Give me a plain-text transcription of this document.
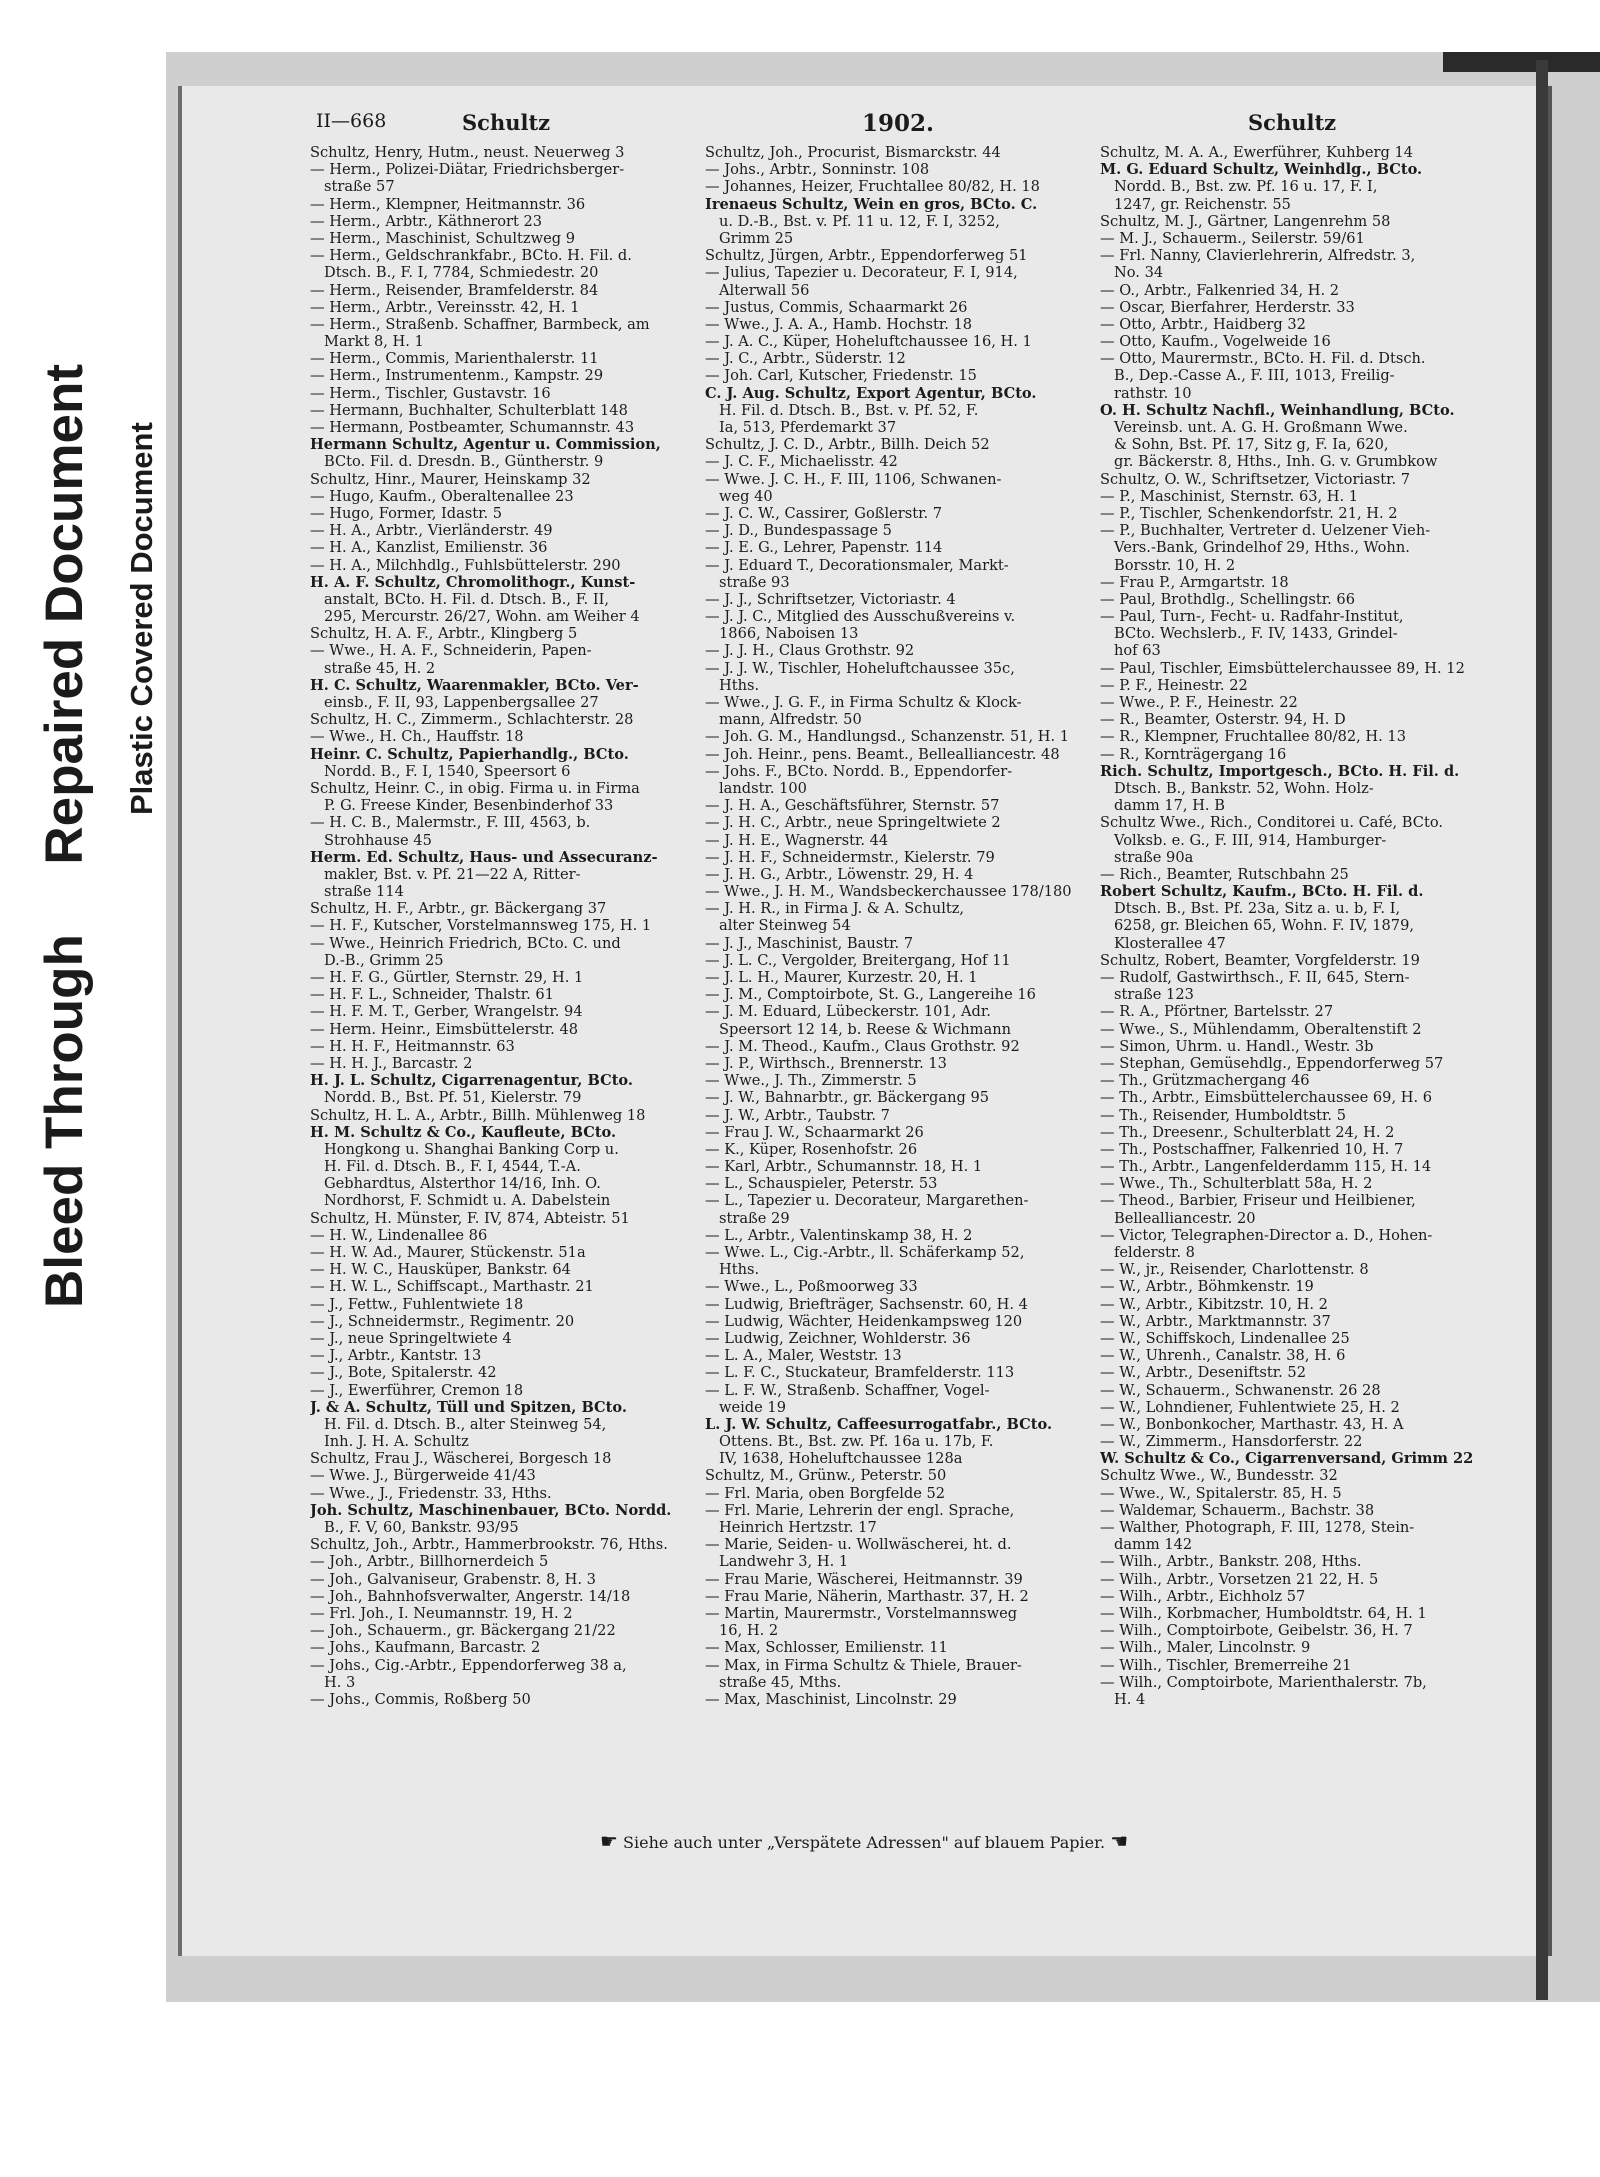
Bleed Through  Repaired Document Plastic Covered Document
II—668	Schultz	1902.	Schultz
Schultz, Henry, Hutm., neust. Neuerweg 3
— Herm., Polizei-Diätar, Friedrichsberger-
straße 57
— Herm., Klempner, Heitmannstr. 36
— Herm., Arbtr., Käthnerort 23
— Herm., Maschinist, Schultzweg 9
— Herm., Geldschrankfabr., BCto. H. Fil. d.
Dtsch. B., F. I, 7784, Schmiedestr. 20
— Herm., Reisender, Bramfelderstr. 84
— Herm., Arbtr., Vereinsstr. 42, H. 1
— Herm., Straßenb. Schaffner, Barmbeck, am
Markt 8, H. 1
— Herm., Commis, Marienthalerstr. 11
— Herm., Instrumentenm., Kampstr. 29
— Herm., Tischler, Gustavstr. 16
— Hermann, Buchhalter, Schulterblatt 148
— Hermann, Postbeamter, Schumannstr. 43
Hermann Schultz, Agentur u. Commission,
BCto. Fil. d. Dresdn. B., Güntherstr. 9
Schultz, Hinr., Maurer, Heinskamp 32
— Hugo, Kaufm., Oberaltenallee 23
— Hugo, Former, Idastr. 5
— H. A., Arbtr., Vierländerstr. 49
— H. A., Kanzlist, Emilienstr. 36
— H. A., Milchhdlg., Fuhlsbüttelerstr. 290
H. A. F. Schultz, Chromolithogr., Kunst-
anstalt, BCto. H. Fil. d. Dtsch. B., F. II,
295, Mercurstr. 26/27, Wohn. am Weiher 4
Schultz, H. A. F., Arbtr., Klingberg 5
— Wwe., H. A. F., Schneiderin, Papen-
straße 45, H. 2
H. C. Schultz, Waarenmakler, BCto. Ver-
einsb., F. II, 93, Lappenbergsallee 27
Schultz, H. C., Zimmerm., Schlachterstr. 28
— Wwe., H. Ch., Hauffstr. 18
Heinr. C. Schultz, Papierhandlg., BCto.
Nordd. B., F. I, 1540, Speersort 6
Schultz, Heinr. C., in obig. Firma u. in Firma
P. G. Freese Kinder, Besenbinderhof 33
— H. C. B., Malermstr., F. III, 4563, b.
Strohhause 45
Herm. Ed. Schultz, Haus- und Assecuranz-
makler, Bst. v. Pf. 21—22 A, Ritter-
straße 114
Schultz, H. F., Arbtr., gr. Bäckergang 37
— H. F., Kutscher, Vorstelmannsweg 175, H. 1
— Wwe., Heinrich Friedrich, BCto. C. und
D.-B., Grimm 25
— H. F. G., Gürtler, Sternstr. 29, H. 1
— H. F. L., Schneider, Thalstr. 61
— H. F. M. T., Gerber, Wrangelstr. 94
— Herm. Heinr., Eimsbüttelerstr. 48
— H. H. F., Heitmannstr. 63
— H. H. J., Barcastr. 2
H. J. L. Schultz, Cigarrenagentur, BCto.
Nordd. B., Bst. Pf. 51, Kielerstr. 79
Schultz, H. L. A., Arbtr., Billh. Mühlenweg 18
H. M. Schultz & Co., Kaufleute, BCto.
Hongkong u. Shanghai Banking Corp u.
H. Fil. d. Dtsch. B., F. I, 4544, T.-A.
Gebhardtus, Alsterthor 14/16, Inh. O.
Nordhorst, F. Schmidt u. A. Dabelstein
Schultz, H. Münster, F. IV, 874, Abteistr. 51
— H. W., Lindenallee 86
— H. W. Ad., Maurer, Stückenstr. 51a
— H. W. C., Hausküper, Bankstr. 64
— H. W. L., Schiffscapt., Marthastr. 21
— J., Fettw., Fuhlentwiete 18
— J., Schneidermstr., Regimentr. 20
— J., neue Springeltwiete 4
— J., Arbtr., Kantstr. 13
— J., Bote, Spitalerstr. 42
— J., Ewerführer, Cremon 18
J. & A. Schultz, Tüll und Spitzen, BCto.
H. Fil. d. Dtsch. B., alter Steinweg 54,
Inh. J. H. A. Schultz
Schultz, Frau J., Wäscherei, Borgesch 18
— Wwe. J., Bürgerweide 41/43
— Wwe., J., Friedenstr. 33, Hths.
Joh. Schultz, Maschinenbauer, BCto. Nordd.
B., F. V, 60, Bankstr. 93/95
Schultz, Joh., Arbtr., Hammerbrookstr. 76, Hths.
— Joh., Arbtr., Billhornerdeich 5
— Joh., Galvaniseur, Grabenstr. 8, H. 3
— Joh., Bahnhofsverwalter, Angerstr. 14/18
— Frl. Joh., I. Neumannstr. 19, H. 2
— Joh., Schauerm., gr. Bäckergang 21/22
— Johs., Kaufmann, Barcastr. 2
— Johs., Cig.-Arbtr., Eppendorferweg 38 a,
H. 3
— Johs., Commis, Roßberg 50
Schultz, Joh., Procurist, Bismarckstr. 44
— Johs., Arbtr., Sonninstr. 108
— Johannes, Heizer, Fruchtallee 80/82, H. 18
Irenaeus Schultz, Wein en gros, BCto. C.
u. D.-B., Bst. v. Pf. 11 u. 12, F. I, 3252,
Grimm 25
Schultz, Jürgen, Arbtr., Eppendorferweg 51
— Julius, Tapezier u. Decorateur, F. I, 914,
Alterwall 56
— Justus, Commis, Schaarmarkt 26
— Wwe., J. A. A., Hamb. Hochstr. 18
— J. A. C., Küper, Hoheluftchaussee 16, H. 1
— J. C., Arbtr., Süderstr. 12
— Joh. Carl, Kutscher, Friedenstr. 15
C. J. Aug. Schultz, Export Agentur, BCto.
H. Fil. d. Dtsch. B., Bst. v. Pf. 52, F.
Ia, 513, Pferdemarkt 37
Schultz, J. C. D., Arbtr., Billh. Deich 52
— J. C. F., Michaelisstr. 42
— Wwe. J. C. H., F. III, 1106, Schwanen-
weg 40
— J. C. W., Cassirer, Goßlerstr. 7
— J. D., Bundespassage 5
— J. E. G., Lehrer, Papenstr. 114
— J. Eduard T., Decorationsmaler, Markt-
straße 93
— J. J., Schriftsetzer, Victoriastr. 4
— J. J. C., Mitglied des Ausschußvereins v.
1866, Naboisen 13
— J. J. H., Claus Grothstr. 92
— J. J. W., Tischler, Hoheluftchaussee 35c,
Hths.
— Wwe., J. G. F., in Firma Schultz & Klock-
mann, Alfredstr. 50
— Joh. G. M., Handlungsd., Schanzenstr. 51, H. 1
— Joh. Heinr., pens. Beamt., Bellealliancestr. 48
— Johs. F., BCto. Nordd. B., Eppendorfer-
landstr. 100
— J. H. A., Geschäftsführer, Sternstr. 57
— J. H. C., Arbtr., neue Springeltwiete 2
— J. H. E., Wagnerstr. 44
— J. H. F., Schneidermstr., Kielerstr. 79
— J. H. G., Arbtr., Löwenstr. 29, H. 4
— Wwe., J. H. M., Wandsbeckerchaussee 178/180
— J. H. R., in Firma J. & A. Schultz,
alter Steinweg 54
— J. J., Maschinist, Baustr. 7
— J. L. C., Vergolder, Breitergang, Hof 11
— J. L. H., Maurer, Kurzestr. 20, H. 1
— J. M., Comptoirbote, St. G., Langereihe 16
— J. M. Eduard, Lübeckerstr. 101, Adr.
Speersort 12 14, b. Reese & Wichmann
— J. M. Theod., Kaufm., Claus Grothstr. 92
— J. P., Wirthsch., Brennerstr. 13
— Wwe., J. Th., Zimmerstr. 5
— J. W., Bahnarbtr., gr. Bäckergang 95
— J. W., Arbtr., Taubstr. 7
— Frau J. W., Schaarmarkt 26
— K., Küper, Rosenhofstr. 26
— Karl, Arbtr., Schumannstr. 18, H. 1
— L., Schauspieler, Peterstr. 53
— L., Tapezier u. Decorateur, Margarethen-
straße 29
— L., Arbtr., Valentinskamp 38, H. 2
— Wwe. L., Cig.-Arbtr., ll. Schäferkamp 52,
Hths.
— Wwe., L., Poßmoorweg 33
— Ludwig, Briefträger, Sachsenstr. 60, H. 4
— Ludwig, Wächter, Heidenkampsweg 120
— Ludwig, Zeichner, Wohlderstr. 36
— L. A., Maler, Weststr. 13
— L. F. C., Stuckateur, Bramfelderstr. 113
— L. F. W., Straßenb. Schaffner, Vogel-
weide 19
L. J. W. Schultz, Caffeesurrogatfabr., BCto.
Ottens. Bt., Bst. zw. Pf. 16a u. 17b, F.
IV, 1638, Hoheluftchaussee 128a
Schultz, M., Grünw., Peterstr. 50
— Frl. Maria, oben Borgfelde 52
— Frl. Marie, Lehrerin der engl. Sprache,
Heinrich Hertzstr. 17
— Marie, Seiden- u. Wollwäscherei, ht. d.
Landwehr 3, H. 1
— Frau Marie, Wäscherei, Heitmannstr. 39
— Frau Marie, Näherin, Marthastr. 37, H. 2
— Martin, Maurermstr., Vorstelmannsweg
16, H. 2
— Max, Schlosser, Emilienstr. 11
— Max, in Firma Schultz & Thiele, Brauer-
straße 45, Mths.
— Max, Maschinist, Lincolnstr. 29
Schultz, M. A. A., Ewerführer, Kuhberg 14
M. G. Eduard Schultz, Weinhdlg., BCto.
Nordd. B., Bst. zw. Pf. 16 u. 17, F. I,
1247, gr. Reichenstr. 55
Schultz, M. J., Gärtner, Langenrehm 58
— M. J., Schauerm., Seilerstr. 59/61
— Frl. Nanny, Clavierlehrerin, Alfredstr. 3,
No. 34
— O., Arbtr., Falkenried 34, H. 2
— Oscar, Bierfahrer, Herderstr. 33
— Otto, Arbtr., Haidberg 32
— Otto, Kaufm., Vogelweide 16
— Otto, Maurermstr., BCto. H. Fil. d. Dtsch.
B., Dep.-Casse A., F. III, 1013, Freilig-
rathstr. 10
O. H. Schultz Nachfl., Weinhandlung, BCto.
Vereinsb. unt. A. G. H. Großmann Wwe.
& Sohn, Bst. Pf. 17, Sitz g, F. Ia, 620,
gr. Bäckerstr. 8, Hths., Inh. G. v. Grumbkow
Schultz, O. W., Schriftsetzer, Victoriastr. 7
— P., Maschinist, Sternstr. 63, H. 1
— P., Tischler, Schenkendorfstr. 21, H. 2
— P., Buchhalter, Vertreter d. Uelzener Vieh-
Vers.-Bank, Grindelhof 29, Hths., Wohn.
Borsstr. 10, H. 2
— Frau P., Armgartstr. 18
— Paul, Brothdlg., Schellingstr. 66
— Paul, Turn-, Fecht- u. Radfahr-Institut,
BCto. Wechslerb., F. IV, 1433, Grindel-
hof 63
— Paul, Tischler, Eimsbüttelerchaussee 89, H. 12
— P. F., Heinestr. 22
— Wwe., P. F., Heinestr. 22
— R., Beamter, Osterstr. 94, H. D
— R., Klempner, Fruchtallee 80/82, H. 13
— R., Kornträgergang 16
Rich. Schultz, Importgesch., BCto. H. Fil. d.
Dtsch. B., Bankstr. 52, Wohn. Holz-
damm 17, H. B
Schultz Wwe., Rich., Conditorei u. Café, BCto.
Volksb. e. G., F. III, 914, Hamburger-
straße 90a
— Rich., Beamter, Rutschbahn 25
Robert Schultz, Kaufm., BCto. H. Fil. d.
Dtsch. B., Bst. Pf. 23a, Sitz a. u. b, F. I,
6258, gr. Bleichen 65, Wohn. F. IV, 1879,
Klosterallee 47
Schultz, Robert, Beamter, Vorgfelderstr. 19
— Rudolf, Gastwirthsch., F. II, 645, Stern-
straße 123
— R. A., Pförtner, Bartelsstr. 27
— Wwe., S., Mühlendamm, Oberaltenstift 2
— Simon, Uhrm. u. Handl., Westr. 3b
— Stephan, Gemüsehdlg., Eppendorferweg 57
— Th., Grützmachergang 46
— Th., Arbtr., Eimsbüttelerchaussee 69, H. 6
— Th., Reisender, Humboldtstr. 5
— Th., Dreesenr., Schulterblatt 24, H. 2
— Th., Postschaffner, Falkenried 10, H. 7
— Th., Arbtr., Langenfelderdamm 115, H. 14
— Wwe., Th., Schulterblatt 58a, H. 2
— Theod., Barbier, Friseur und Heilbiener,
Bellealliancestr. 20
— Victor, Telegraphen-Director a. D., Hohen-
felderstr. 8
— W., jr., Reisender, Charlottenstr. 8
— W., Arbtr., Böhmkenstr. 19
— W., Arbtr., Kibitzstr. 10, H. 2
— W., Arbtr., Marktmannstr. 37
— W., Schiffskoch, Lindenallee 25
— W., Uhrenh., Canalstr. 38, H. 6
— W., Arbtr., Deseniftstr. 52
— W., Schauerm., Schwanenstr. 26 28
— W., Lohndiener, Fuhlentwiete 25, H. 2
— W., Bonbonkocher, Marthastr. 43, H. A
— W., Zimmerm., Hansdorferstr. 22
W. Schultz & Co., Cigarrenversand, Grimm 22
Schultz Wwe., W., Bundesstr. 32
— Wwe., W., Spitalerstr. 85, H. 5
— Waldemar, Schauerm., Bachstr. 38
— Walther, Photograph, F. III, 1278, Stein-
damm 142
— Wilh., Arbtr., Bankstr. 208, Hths.
— Wilh., Arbtr., Vorsetzen 21 22, H. 5
— Wilh., Arbtr., Eichholz 57
— Wilh., Korbmacher, Humboldtstr. 64, H. 1
— Wilh., Comptoirbote, Geibelstr. 36, H. 7
— Wilh., Maler, Lincolnstr. 9
— Wilh., Tischler, Bremerreihe 21
— Wilh., Comptoirbote, Marienthalerstr. 7b,
H. 4
☛ Siehe auch unter „Verspätete Adressen" auf blauem Papier. ☚
